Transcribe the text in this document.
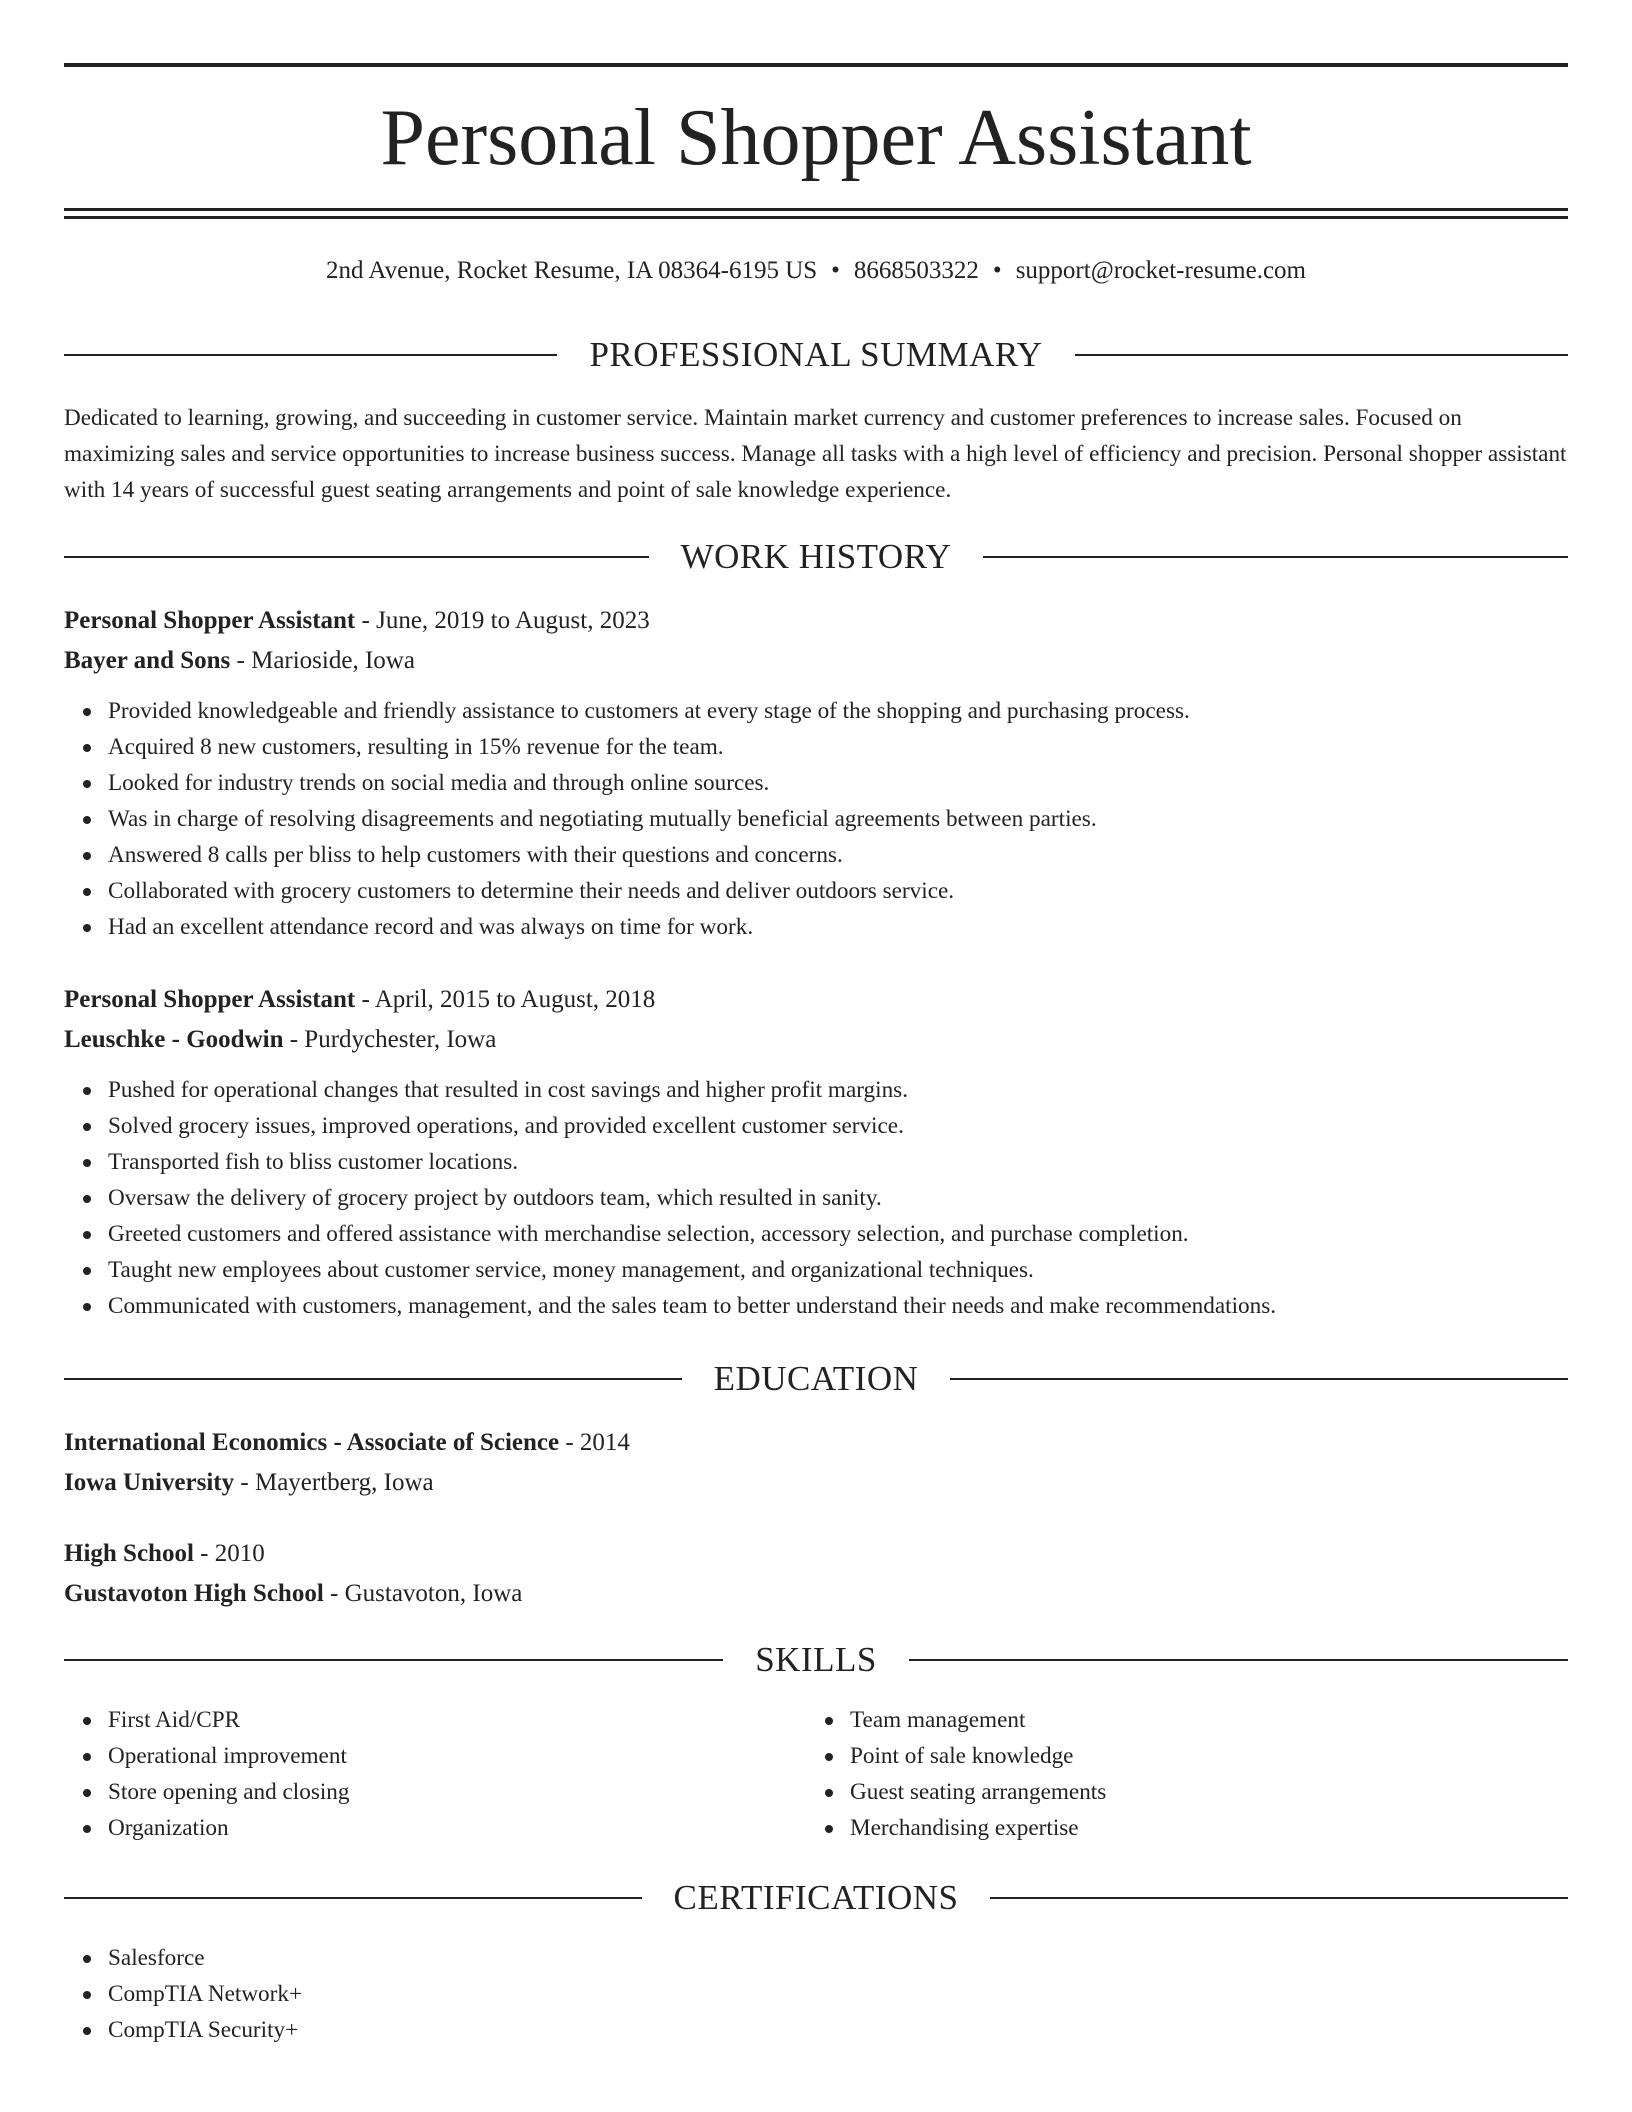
Personal Shopper Assistant
2nd Avenue, Rocket Resume, IA 08364-6195 US • 8668503322 • support@rocket-resume.com
PROFESSIONAL SUMMARY

Dedicated to learning, growing, and succeeding in customer service. Maintain market currency and customer preferences to increase sales. Focused on maximizing sales and service opportunities to increase business success. Manage all tasks with a high level of efficiency and precision. Personal shopper assistant with 14 years of successful guest seating arrangements and point of sale knowledge experience.

WORK HISTORY
Personal Shopper Assistant - June, 2019 to August, 2023
Bayer and Sons - Marioside, Iowa
Provided knowledgeable and friendly assistance to customers at every stage of the shopping and purchasing process.
Acquired 8 new customers, resulting in 15% revenue for the team.
Looked for industry trends on social media and through online sources.
Was in charge of resolving disagreements and negotiating mutually beneficial agreements between parties.
Answered 8 calls per bliss to help customers with their questions and concerns.
Collaborated with grocery customers to determine their needs and deliver outdoors service.
Had an excellent attendance record and was always on time for work.
Personal Shopper Assistant - April, 2015 to August, 2018
Leuschke - Goodwin - Purdychester, Iowa
Pushed for operational changes that resulted in cost savings and higher profit margins.
Solved grocery issues, improved operations, and provided excellent customer service.
Transported fish to bliss customer locations.
Oversaw the delivery of grocery project by outdoors team, which resulted in sanity.
Greeted customers and offered assistance with merchandise selection, accessory selection, and purchase completion.
Taught new employees about customer service, money management, and organizational techniques.
Communicated with customers, management, and the sales team to better understand their needs and make recommendations.
EDUCATION
International Economics - Associate of Science - 2014
Iowa University - Mayertberg, Iowa
High School - 2010
Gustavoton High School - Gustavoton, Iowa
SKILLS
First Aid/CPR
Operational improvement
Store opening and closing
Organization
Team management
Point of sale knowledge
Guest seating arrangements
Merchandising expertise
CERTIFICATIONS
Salesforce
CompTIA Network+
CompTIA Security+
